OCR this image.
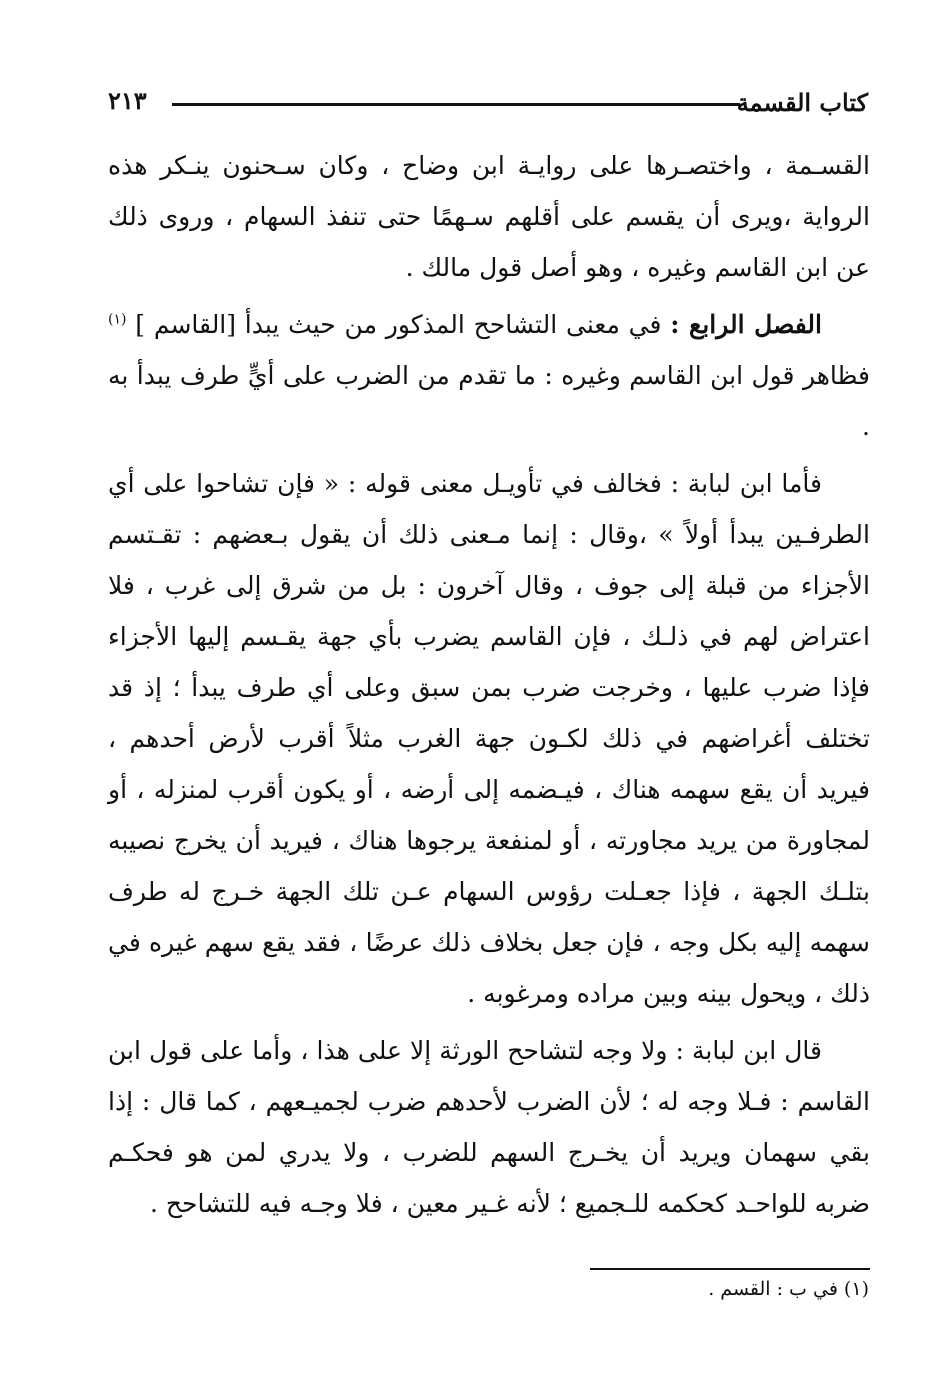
كتاب القسمة
٢١٣

القسـمة ، واختصـرها على روايـة ابن وضاح ، وكان سـحنون ينـكر هذه الرواية ،ويرى أن يقسم على أقلهم سـهمًا حتى تنفذ السهام ، وروى ذلك عن ابن القاسم وغيره ، وهو أصل قول مالك .

الفصل الرابع : في معنى التشاحح المذكور من حيث يبدأ [القاسم ] $^{(١)}$ فظاهر قول ابن القاسم وغيره : ما تقدم من الضرب على أيٍّ طرف يبدأ به .

فأما ابن لبابة : فخالف في تأويـل معنى قوله : « فإن تشاحوا على أي الطرفـين يبدأ أولاً » ،وقال : إنما مـعنى ذلك أن يقول بـعضهم : تقـتسم الأجزاء من قبلة إلى جوف ، وقال آخرون : بل من شرق إلى غرب ، فلا اعتراض لهم في ذلـك ، فإن القاسم يضرب بأي جهة يقـسم إليها الأجزاء فإذا ضرب عليها ، وخرجت ضرب بمن سبق وعلى أي طرف يبدأ ؛ إذ قد تختلف أغراضهم في ذلك لكـون جهة الغرب مثلاً أقرب لأرض أحدهم ، فيريد أن يقع سهمه هناك ، فيـضمه إلى أرضه ، أو يكون أقرب لمنزله ، أو لمجاورة من يريد مجاورته ، أو لمنفعة يرجوها هناك ، فيريد أن يخرج نصيبه بتلـك الجهة ، فإذا جعـلت رؤوس السهام عـن تلك الجهة خـرج له طرف سهمه إليه بكل وجه ، فإن جعل بخلاف ذلك عرضًا ، فقد يقع سهم غيره في ذلك ، ويحول بينه وبين مراده ومرغوبه .

قال ابن لبابة : ولا وجه لتشاحح الورثة إلا على هذا ، وأما على قول ابن القاسم : فـلا وجه له ؛ لأن الضرب لأحدهم ضرب لجميـعهم ، كما قال : إذا بقي سهمان ويريد أن يخـرج السهم للضرب ، ولا يدري لمن هو فحكـم ضربه للواحـد كحكمه للـجميع ؛ لأنه غـير معين ، فلا وجـه فيه للتشاحح .

(١) في ب : القسم .
